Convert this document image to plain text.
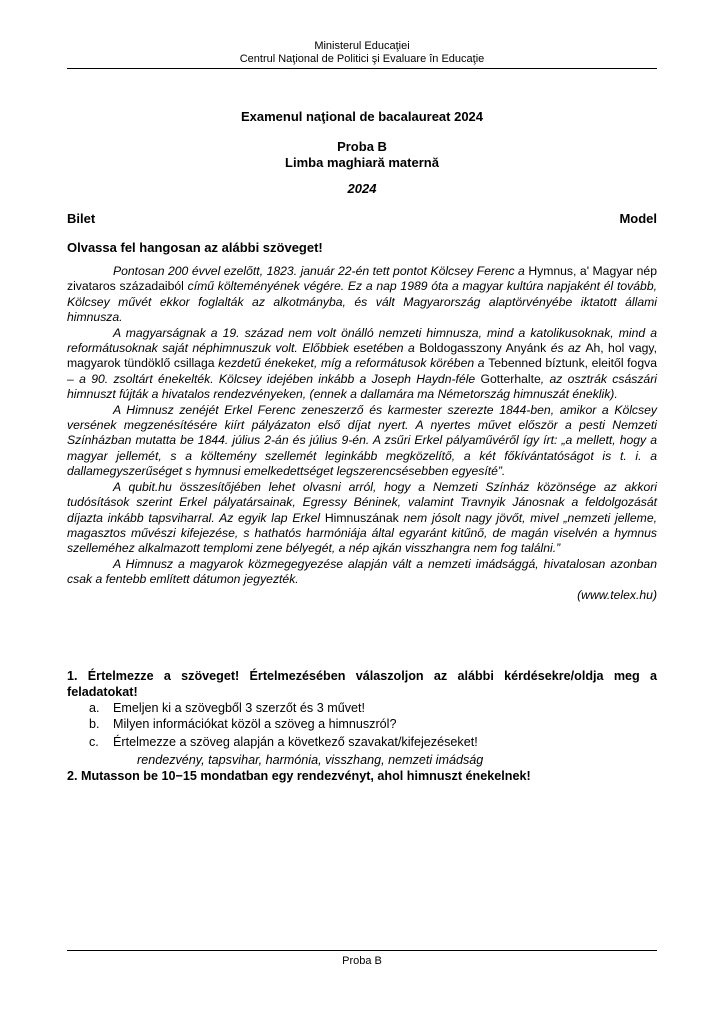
Ministerul Educaţiei
Centrul Naţional de Politici şi Evaluare în Educaţie
Examenul naţional de bacalaureat 2024
Proba B
Limba maghiară maternă
2024
Bilet	Model
Olvassa fel hangosan az alábbi szöveget!

Pontosan 200 évvel ezelőtt, 1823. január 22-én tett pontot Kölcsey Ferenc a Hymnus, a' Magyar nép zivataros századaiból című költeményének végére. Ez a nap 1989 óta a magyar kultúra napjaként él tovább, Kölcsey művét ekkor foglalták az alkotmányba, és vált Magyarország alaptörvényébe iktatott állami himnusza.

A magyarságnak a 19. század nem volt önálló nemzeti himnusza, mind a katolikusoknak, mind a reformátusoknak saját néphimnuszuk volt. Előbbiek esetében a Boldogasszony Anyánk és az Ah, hol vagy, magyarok tündöklő csillaga kezdetű énekeket, míg a reformátusok körében a Tebenned bíztunk, eleitől fogva – a 90. zsoltárt énekelték. Kölcsey idejében inkább a Joseph Haydn-féle Gotterhalte, az osztrák császári himnuszt fújták a hivatalos rendezvényeken, (ennek a dallamára ma Németország himnuszát éneklik).

A Himnusz zenéjét Erkel Ferenc zeneszerző és karmester szerezte 1844-ben, amikor a Kölcsey versének megzenésítésére kiírt pályázaton első díjat nyert. A nyertes művet először a pesti Nemzeti Színházban mutatta be 1844. július 2-án és július 9-én. A zsűri Erkel pályaművéről így írt: „a mellett, hogy a magyar jellemét, s a költemény szellemét leginkább megközelítő, a két főkívántatóságot is t. i. a dallamegyszerűséget s hymnusi emelkedettséget legszerencsésebben egyesíté”.

A qubit.hu összesítőjében lehet olvasni arról, hogy a Nemzeti Színház közönsége az akkori tudósítások szerint Erkel pályatársainak, Egressy Béninek, valamint Travnyik Jánosnak a feldolgozását díjazta inkább tapsviharral. Az egyik lap Erkel Himnuszának nem jósolt nagy jövőt, mivel „nemzeti jelleme, magasztos művészi kifejezése, s hathatós harmóniája által egyaránt kitűnő, de magán viselvén a hymnus szelleméhez alkalmazott templomi zene bélyegét, a nép ajkán visszhangra nem fog találni.”

A Himnusz a magyarok közmegegyezése alapján vált a nemzeti imádsággá, hivatalosan azonban csak a fentebb említett dátumon jegyezték.

(www.telex.hu)

1. Értelmezze a szöveget! Értelmezésében válaszoljon az alábbi kérdésekre/oldja meg a feladatokat!

a.	Emeljen ki a szövegből 3 szerzőt és 3 művet!

b.	Milyen információkat közöl a szöveg a himnuszról?

c.	Értelmezze a szöveg alapján a következő szavakat/kifejezéseket!

rendezvény, tapsvihar, harmónia, visszhang, nemzeti imádság

2. Mutasson be 10−15 mondatban egy rendezvényt, ahol himnuszt énekelnek!

Proba B
